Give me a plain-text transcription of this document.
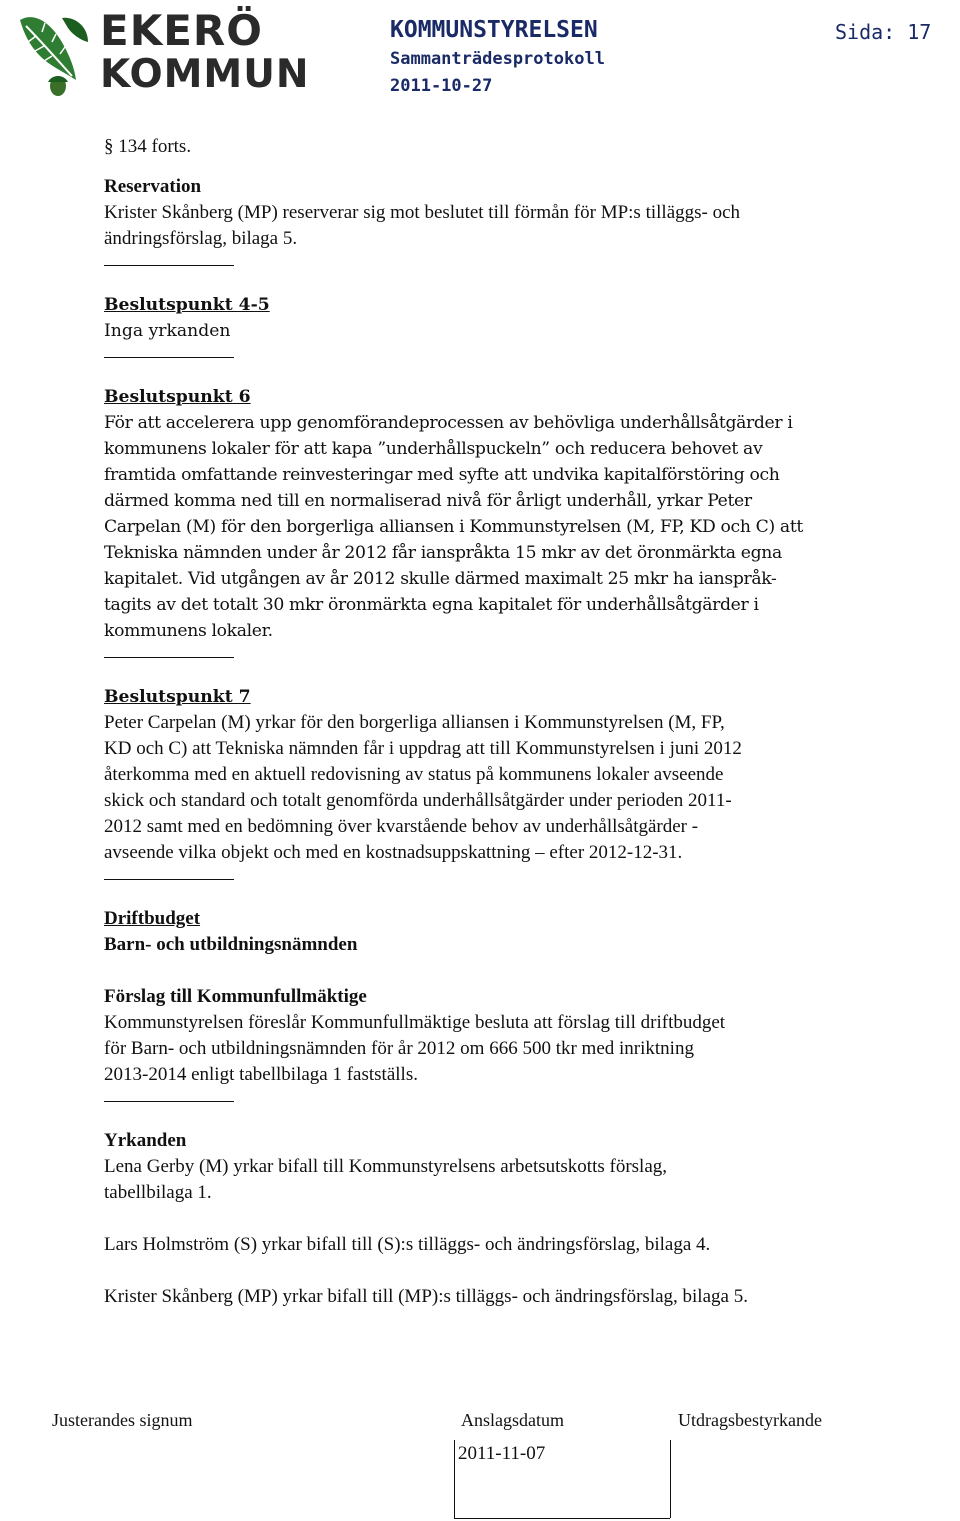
EKERÖ
KOMMUN
KOMMUNSTYRELSEN
Sammanträdesprotokoll
2011-10-27
Sida: 17
§ 134 forts.
Reservation
Krister Skånberg (MP) reserverar sig mot beslutet till förmån för MP:s tilläggs- och
ändringsförslag, bilaga 5.
Beslutspunkt 4-5
Inga yrkanden
Beslutspunkt 6
För att accelerera upp genomförandeprocessen av behövliga underhållsåtgärder i
kommunens lokaler för att kapa ”underhållspuckeln” och reducera behovet av
framtida omfattande reinvesteringar med syfte att undvika kapitalförstöring och
därmed komma ned till en normaliserad nivå för årligt underhåll, yrkar Peter
Carpelan (M) för den borgerliga alliansen i Kommunstyrelsen (M, FP, KD och C) att
Tekniska nämnden under år 2012 får ianspråkta 15 mkr av det öronmärkta egna
kapitalet. Vid utgången av år 2012 skulle därmed maximalt 25 mkr ha ianspråk-
tagits av det totalt 30 mkr öronmärkta egna kapitalet för underhållsåtgärder i
kommunens lokaler.
Beslutspunkt 7
Peter Carpelan (M) yrkar för den borgerliga alliansen i Kommunstyrelsen (M, FP,
KD och C) att Tekniska nämnden får i uppdrag att till Kommunstyrelsen i juni 2012
återkomma med en aktuell redovisning av status på kommunens lokaler avseende
skick och standard och totalt genomförda underhållsåtgärder under perioden 2011-
2012 samt med en bedömning över kvarstående behov av underhållsåtgärder -
avseende vilka objekt och med en kostnadsuppskattning – efter 2012-12-31.
Driftbudget
Barn- och utbildningsnämnden
Förslag till Kommunfullmäktige
Kommunstyrelsen föreslår Kommunfullmäktige besluta att förslag till driftbudget
för Barn- och utbildningsnämnden för år 2012 om 666 500 tkr med inriktning
2013-2014 enligt tabellbilaga 1 fastställs.
Yrkanden
Lena Gerby (M) yrkar bifall till Kommunstyrelsens arbetsutskotts förslag,
tabellbilaga 1.
Lars Holmström (S) yrkar bifall till (S):s tilläggs- och ändringsförslag, bilaga 4.
Krister Skånberg (MP) yrkar bifall till (MP):s tilläggs- och ändringsförslag, bilaga 5.
Justerandes signum	Anslagsdatum	Utdragsbestyrkande
2011-11-07
